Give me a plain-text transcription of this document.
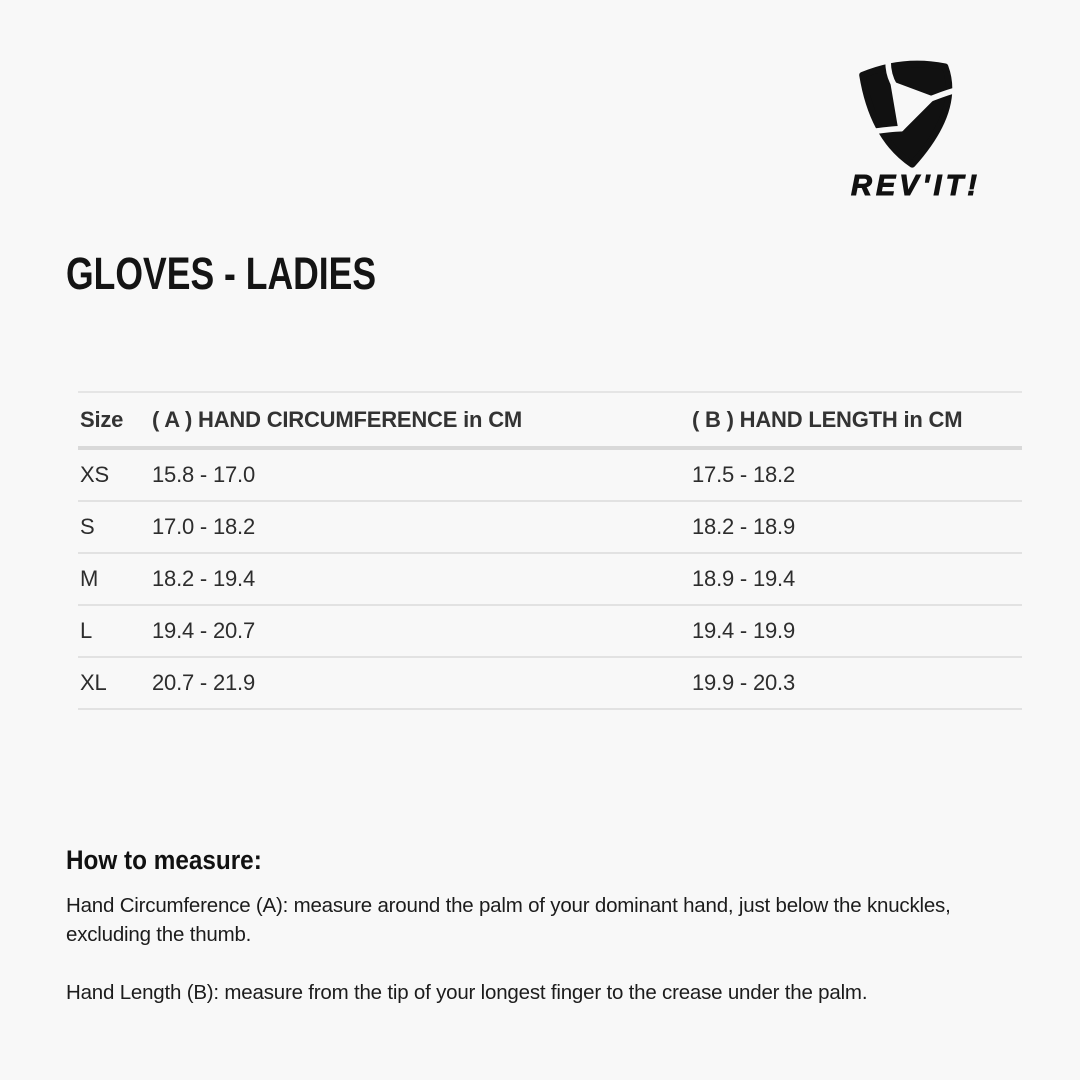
REV'IT!
GLOVES - LADIES
Size	( A ) HAND CIRCUMFERENCE in CM	( B ) HAND LENGTH in CM
XS	15.8 - 17.0	17.5 - 18.2
S	17.0 - 18.2	18.2 - 18.9
M	18.2 - 19.4	18.9 - 19.4
L	19.4 - 20.7	19.4 - 19.9
XL	20.7 - 21.9	19.9 - 20.3
How to measure:
Hand Circumference (A): measure around the palm of your dominant hand, just below the knuckles,
excluding the thumb.
Hand Length (B): measure from the tip of your longest finger to the crease under the palm.
